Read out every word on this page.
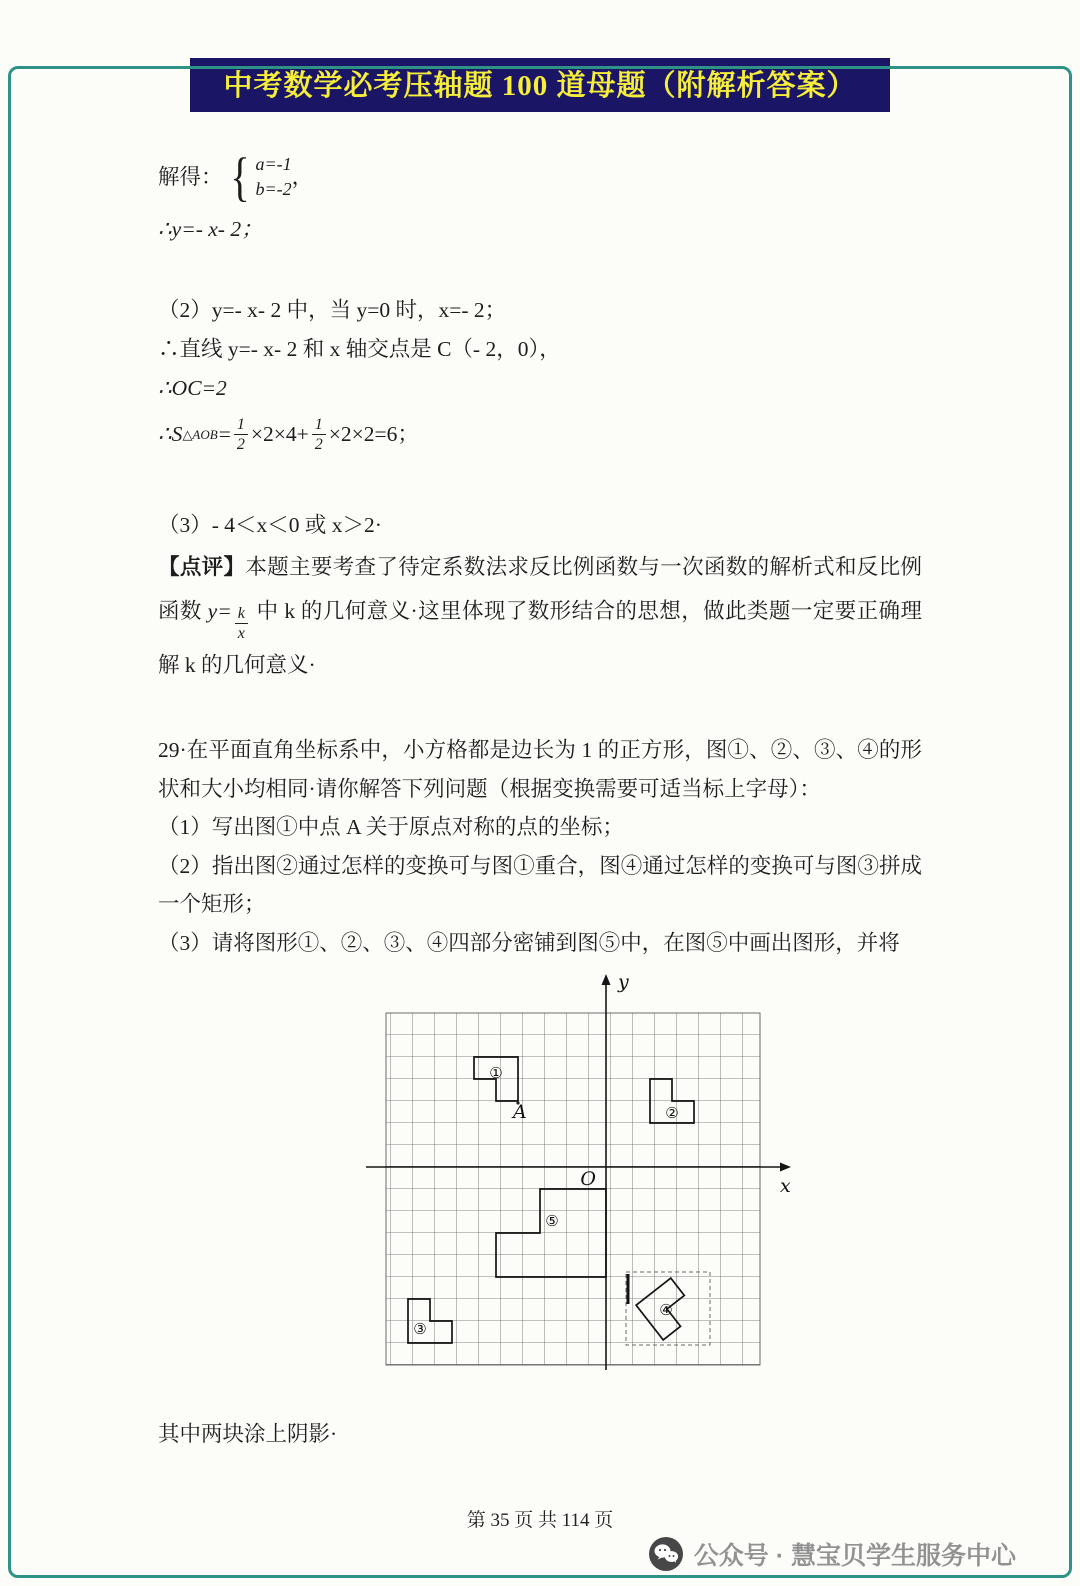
中考数学必考压轴题 100 道母题（附解析答案）
解得： { a=-1
b=-2
，
∴y=- x- 2；
（2）y=- x- 2 中，当 y=0 时，x=- 2；
∴直线 y=- x- 2 和 x 轴交点是 C（- 2，0），
∴OC=2
∴S △AOB = $\frac{1}{2} \times 2\times 4+ \frac{1}{2} \times 2\times 2=6$；
（3）- 4＜x＜0 或 x＞2·

【点评】本题主要考查了待定系数法求反比例函数与一次函数的解析式和反比例函数 $y= \frac{k}{x}$ 中 k 的几何意义·这里体现了数形结合的思想，做此类题一定要正确理解 k 的几何意义·

29·在平面直角坐标系中，小方格都是边长为 1 的正方形，图①、②、③、④的形状和大小均相同·请你解答下列问题（根据变换需要可适当标上字母）：

（1）写出图①中点 A 关于原点对称的点的坐标；

（2）指出图②通过怎样的变换可与图①重合，图④通过怎样的变换可与图③拼成一个矩形；

（3）请将图形①、②、③、④四部分密铺到图⑤中，在图⑤中画出图形，并将

y
x
O
①
A	②
⑤
③
④

其中两块涂上阴影·

第 35 页 共 114 页
公众号 · 慧宝贝学生服务中心
